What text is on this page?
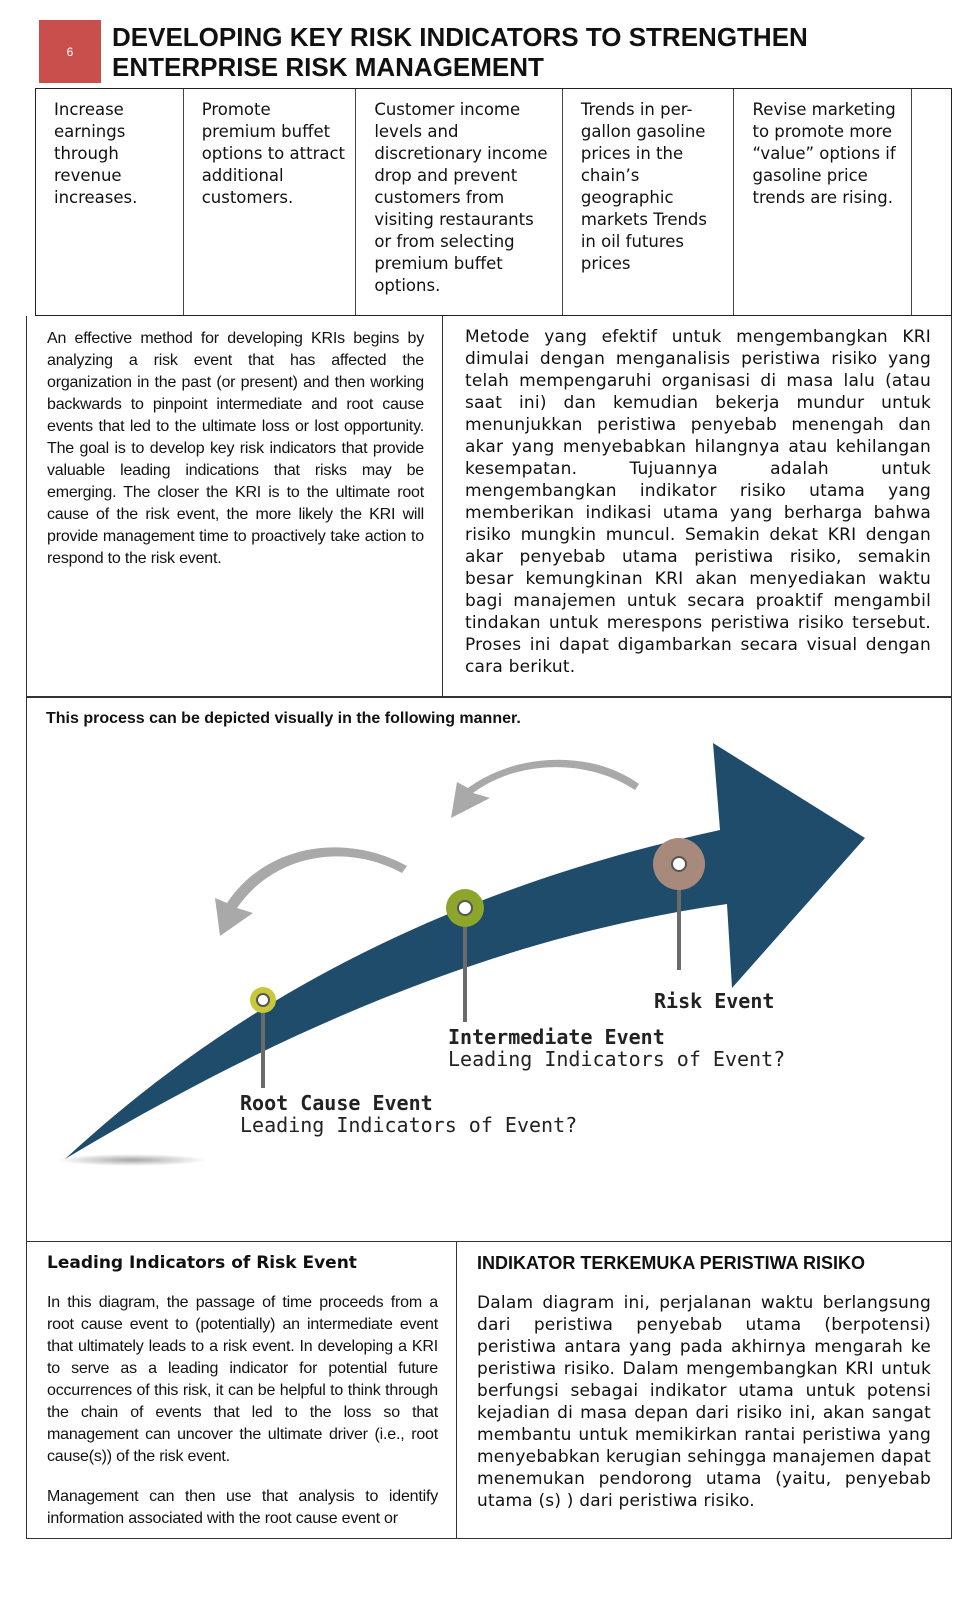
6 DEVELOPING KEY RISK INDICATORS TO STRENGTHEN ENTERPRISE RISK MANAGEMENT
Increase earnings through revenue increases.
Promote premium buffet options to attract additional customers.
Customer income levels and discretionary income drop and prevent customers from visiting restaurants or from selecting premium buffet options.
Trends in per-gallon gasoline prices in the chain’s geographic markets Trends in oil futures prices
Revise marketing to promote more “value” options if gasoline price trends are rising.

An effective method for developing KRIs begins by analyzing a risk event that has affected the organization in the past (or present) and then working backwards to pinpoint intermediate and root cause events that led to the ultimate loss or lost opportunity. The goal is to develop key risk indicators that provide valuable leading indications that risks may be emerging. The closer the KRI is to the ultimate root cause of the risk event, the more likely the KRI will provide management time to proactively take action to respond to the risk event.

Metode yang efektif untuk mengembangkan KRI dimulai dengan menganalisis peristiwa risiko yang telah mempengaruhi organisasi di masa lalu (atau saat ini) dan kemudian bekerja mundur untuk menunjukkan peristiwa penyebab menengah dan akar yang menyebabkan hilangnya atau kehilangan kesempatan. Tujuannya adalah untuk mengembangkan indikator risiko utama yang memberikan indikasi utama yang berharga bahwa risiko mungkin muncul. Semakin dekat KRI dengan akar penyebab utama peristiwa risiko, semakin besar kemungkinan KRI akan menyediakan waktu bagi manajemen untuk secara proaktif mengambil tindakan untuk merespons peristiwa risiko tersebut. Proses ini dapat digambarkan secara visual dengan cara berikut.

This process can be depicted visually in the following manner.

Risk Event
Intermediate Event
Leading Indicators of Event?
Root Cause Event
Leading Indicators of Event?
Leading Indicators of Risk Event

In this diagram, the passage of time proceeds from a root cause event to (potentially) an intermediate event that ultimately leads to a risk event. In developing a KRI to serve as a leading indicator for potential future occurrences of this risk, it can be helpful to think through the chain of events that led to the loss so that management can uncover the ultimate driver (i.e., root cause(s)) of the risk event.

Management can then use that analysis to identify information associated with the root cause event or

INDIKATOR TERKEMUKA PERISTIWA RISIKO

Dalam diagram ini, perjalanan waktu berlangsung dari peristiwa penyebab utama (berpotensi) peristiwa antara yang pada akhirnya mengarah ke peristiwa risiko. Dalam mengembangkan KRI untuk berfungsi sebagai indikator utama untuk potensi kejadian di masa depan dari risiko ini, akan sangat membantu untuk memikirkan rantai peristiwa yang menyebabkan kerugian sehingga manajemen dapat menemukan pendorong utama (yaitu, penyebab utama (s) ) dari peristiwa risiko.
